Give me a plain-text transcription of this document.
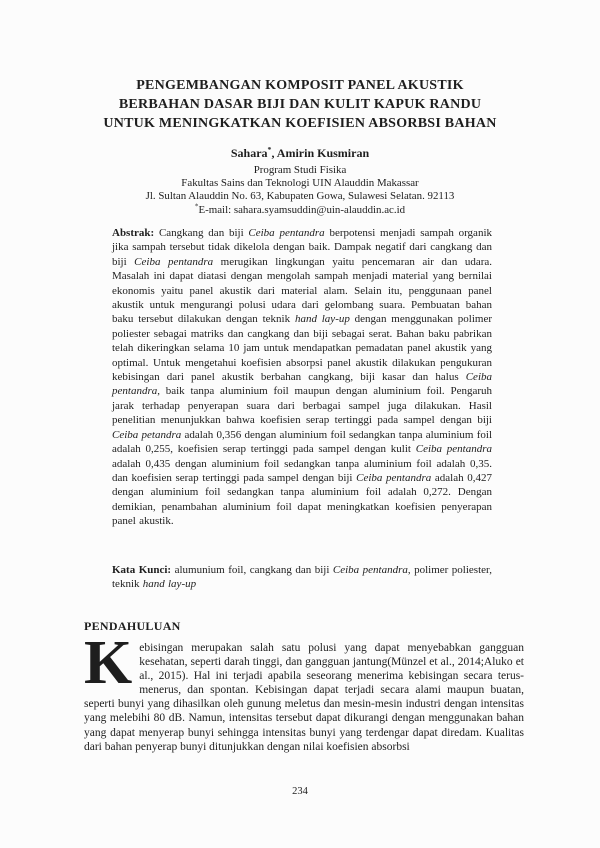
PENGEMBANGAN KOMPOSIT PANEL AKUSTIK
BERBAHAN DASAR BIJI DAN KULIT KAPUK RANDU
UNTUK MENINGKATKAN KOEFISIEN ABSORBSI BAHAN
Sahara*, Amirin Kusmiran
Program Studi Fisika
Fakultas Sains dan Teknologi UIN Alauddin Makassar
Jl. Sultan Alauddin No. 63, Kabupaten Gowa, Sulawesi Selatan. 92113
*E-mail: sahara.syamsuddin@uin-alauddin.ac.id

Abstrak: Cangkang dan biji Ceiba pentandra berpotensi menjadi sampah organik jika sampah tersebut tidak dikelola dengan baik. Dampak negatif dari cangkang dan biji Ceiba pentandra merugikan lingkungan yaitu pencemaran air dan udara. Masalah ini dapat diatasi dengan mengolah sampah menjadi material yang bernilai ekonomis yaitu panel akustik dari material alam. Selain itu, penggunaan panel akustik untuk mengurangi polusi udara dari gelombang suara. Pembuatan bahan baku tersebut dilakukan dengan teknik hand lay-up dengan menggunakan polimer poliester sebagai matriks dan cangkang dan biji sebagai serat. Bahan baku pabrikan telah dikeringkan selama 10 jam untuk mendapatkan pemadatan panel akustik yang optimal. Untuk mengetahui koefisien absorpsi panel akustik dilakukan pengukuran kebisingan dari panel akustik berbahan cangkang, biji kasar dan halus Ceiba pentandra, baik tanpa aluminium foil maupun dengan aluminium foil. Pengaruh jarak terhadap penyerapan suara dari berbagai sampel juga dilakukan. Hasil penelitian menunjukkan bahwa koefisien serap tertinggi pada sampel dengan biji Ceiba petandra adalah 0,356 dengan aluminium foil sedangkan tanpa aluminium foil adalah 0,255, koefisien serap tertinggi pada sampel dengan kulit Ceiba pentandra adalah 0,435 dengan aluminium foil sedangkan tanpa aluminium foil adalah 0,35. dan koefisien serap tertinggi pada sampel dengan biji Ceiba pentandra adalah 0,427 dengan aluminium foil sedangkan tanpa aluminium foil adalah 0,272. Dengan demikian, penambahan aluminium foil dapat meningkatkan koefisien penyerapan panel akustik.

Kata Kunci: alumunium foil, cangkang dan biji Ceiba pentandra, polimer poliester, teknik hand lay-up

PENDAHULUAN

Kebisingan merupakan salah satu polusi yang dapat menyebabkan gangguan kesehatan, seperti darah tinggi, dan gangguan jantung(Münzel et al., 2014;Aluko et al., 2015). Hal ini terjadi apabila seseorang menerima kebisingan secara terus-menerus, dan spontan. Kebisingan dapat terjadi secara alami maupun buatan, seperti bunyi yang dihasilkan oleh gunung meletus dan mesin-mesin industri dengan intensitas yang melebihi 80 dB. Namun, intensitas tersebut dapat dikurangi dengan menggunakan bahan yang dapat menyerap bunyi sehingga intensitas bunyi yang terdengar dapat diredam. Kualitas dari bahan penyerap bunyi ditunjukkan dengan nilai koefisien absorbsi

234
